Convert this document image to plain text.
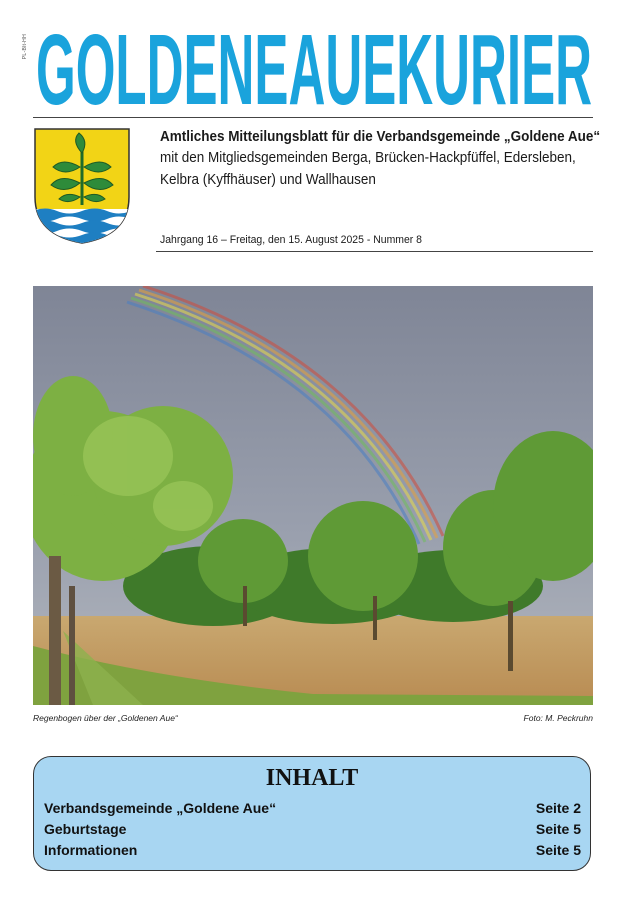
PL-Blt-HH GOLDENEAUEKURIER
Amtliches Mitteilungsblatt für die Verbandsgemeinde „Goldene Aue“
mit den Mitgliedsgemeinden Berga, Brücken-Hackpfüffel, Edersleben,
Kelbra (Kyffhäuser) und Wallhausen
Jahrgang 16 – Freitag, den 15. August 2025 - Nummer 8
Regenbogen über der „Goldenen Aue“	Foto: M. Peckruhn
INHALT
Verbandsgemeinde „Goldene Aue“	Seite 2
Geburtstage	Seite 5
Informationen	Seite 5
